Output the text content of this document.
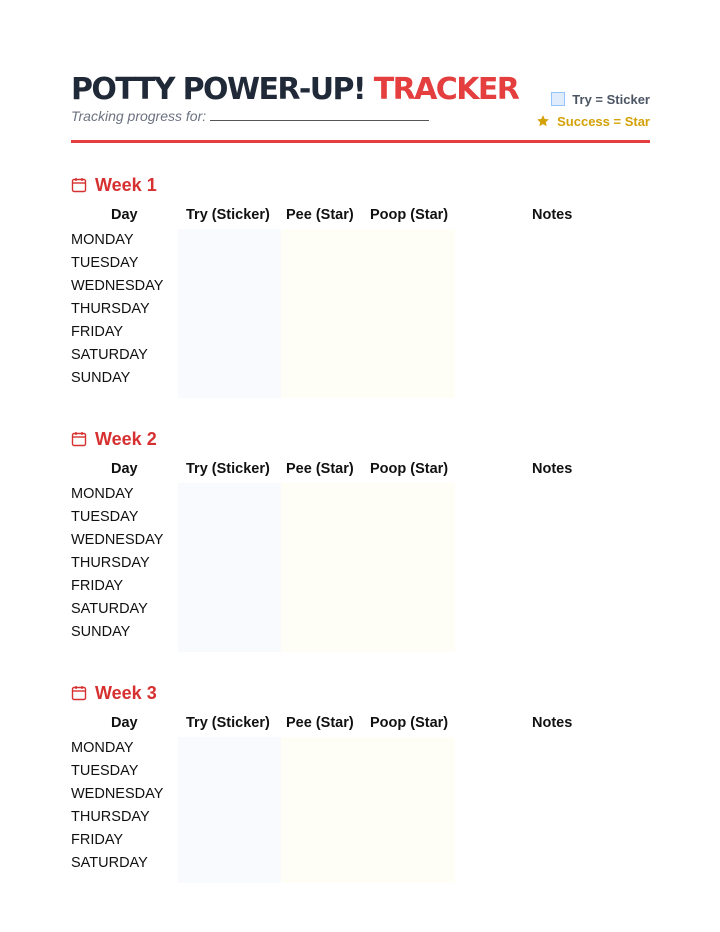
POTTY POWER-UP! TRACKER
Tracking progress for:
Try = Sticker
Success = Star
Week 1
Day	Try (Sticker) Pee (Star) Poop (Star)	Notes
MONDAY
TUESDAY
WEDNESDAY
THURSDAY
FRIDAY
SATURDAY
SUNDAY
Week 2
Day	Try (Sticker) Pee (Star) Poop (Star)	Notes
MONDAY
TUESDAY
WEDNESDAY
THURSDAY
FRIDAY
SATURDAY
SUNDAY
Week 3
Day	Try (Sticker) Pee (Star) Poop (Star)	Notes
MONDAY
TUESDAY
WEDNESDAY
THURSDAY
FRIDAY
SATURDAY
